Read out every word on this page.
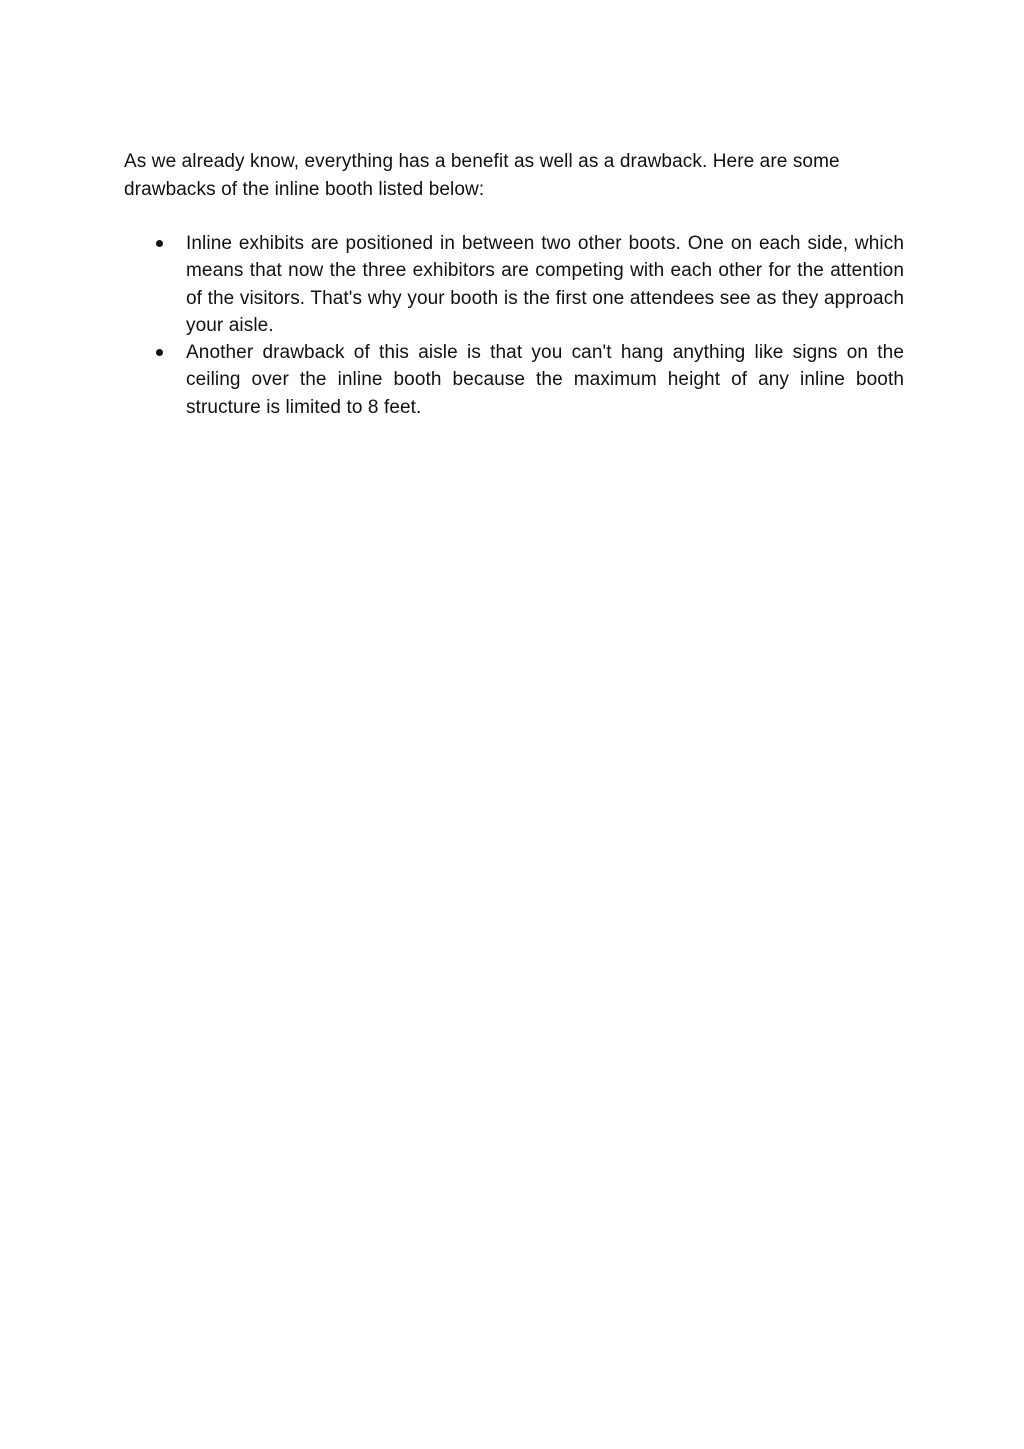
As we already know, everything has a benefit as well as a drawback. Here are some drawbacks of the inline booth listed below:

Inline exhibits are positioned in between two other boots. One on each side, which means that now the three exhibitors are competing with each other for the attention of the visitors. That's why your booth is the first one attendees see as they approach your aisle.
Another drawback of this aisle is that you can't hang anything like signs on the ceiling over the inline booth because the maximum height of any inline booth structure is limited to 8 feet.
